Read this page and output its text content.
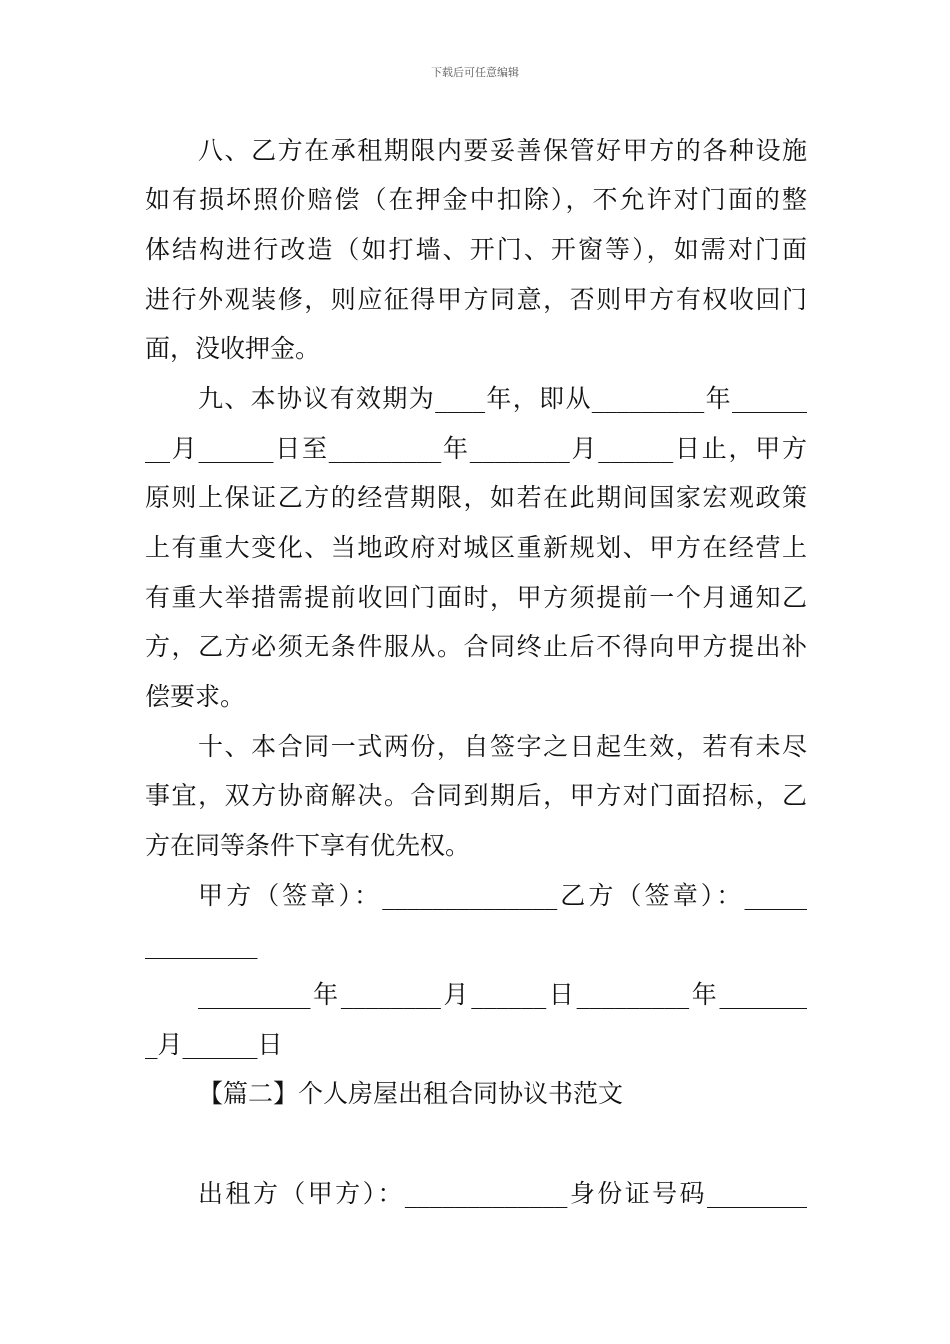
下载后可任意编辑
八、乙方在承租期限内要妥善保管好甲方的各种设施
如有损坏照价赔偿（在押金中扣除），不允许对门面的整
体结构进行改造（如打墙、开门、开窗等），如需对门面
进行外观装修，则应征得甲方同意，否则甲方有权收回门
面，没收押金。
九、本协议有效期为____年，即从_________年______
__月______日至_________年________月______日止，甲方
原则上保证乙方的经营期限，如若在此期间国家宏观政策
上有重大变化、当地政府对城区重新规划、甲方在经营上
有重大举措需提前收回门面时，甲方须提前一个月通知乙
方，乙方必须无条件服从。合同终止后不得向甲方提出补
偿要求。
十、本合同一式两份，自签字之日起生效，若有未尽
事宜，双方协商解决。合同到期后，甲方对门面招标，乙
方在同等条件下享有优先权。
甲方（签章）：______________乙方（签章）：_____
_________
_________年________月______日_________年_______
_月______日
【篇二】个人房屋出租合同协议书范文
出租方（甲方）：_____________身份证号码________
